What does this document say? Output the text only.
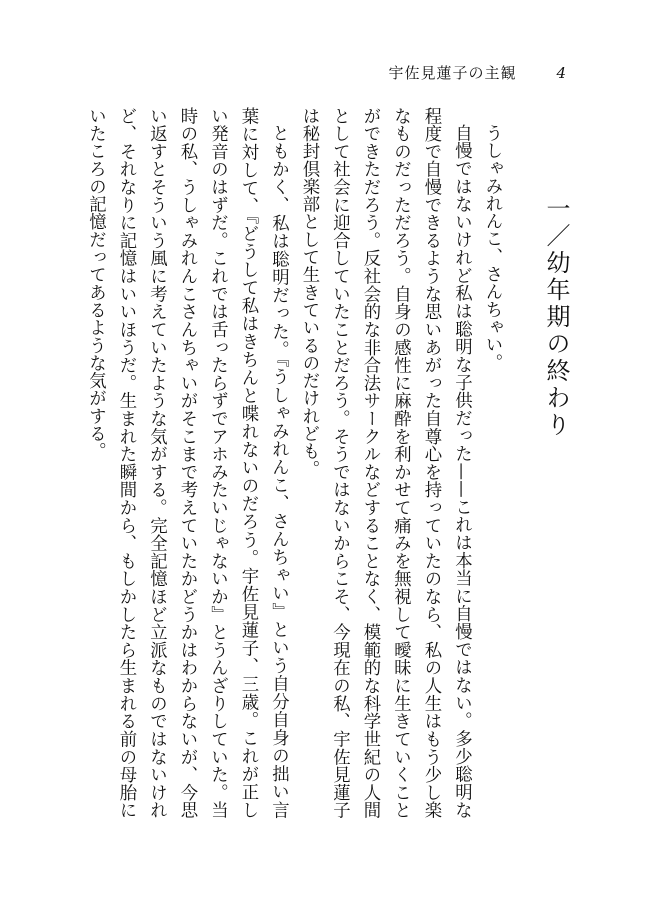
宇佐見蓮子の主観	4
一／幼年期の終わり

うしゃみれんこ、さんちゃい。

自慢ではないけれど私は聡明な子供だった——これは本当に自慢ではない。多少聡明な程度で自慢できるような思いあがった自尊心を持っていたのなら、私の人生はもう少し楽なものだっただろう。自身の感性に麻酔を利かせて痛みを無視して曖昧に生きていくことができただろう。反社会的な非合法サークルなどすることなく、模範的な科学世紀の人間として社会に迎合していたことだろう。そうではないからこそ、今現在の私、宇佐見蓮子は秘封倶楽部として生きているのだけれども。

ともかく、私は聡明だった。『うしゃみれんこ、さんちゃい』という自分自身の拙い言葉に対して、『どうして私はきちんと喋れないのだろう。宇佐見蓮子、三歳。これが正しい発音のはずだ。これでは舌ったらずでアホみたいじゃないか』とうんざりしていた。当時の私、うしゃみれんこさんちゃいがそこまで考えていたかどうかはわからないが、今思い返すとそういう風に考えていたような気がする。完全記憶ほど立派なものではないけれど、それなりに記憶はいいほうだ。生まれた瞬間から、もしかしたら生まれる前の母胎にいたころの記憶だってあるような気がする。
